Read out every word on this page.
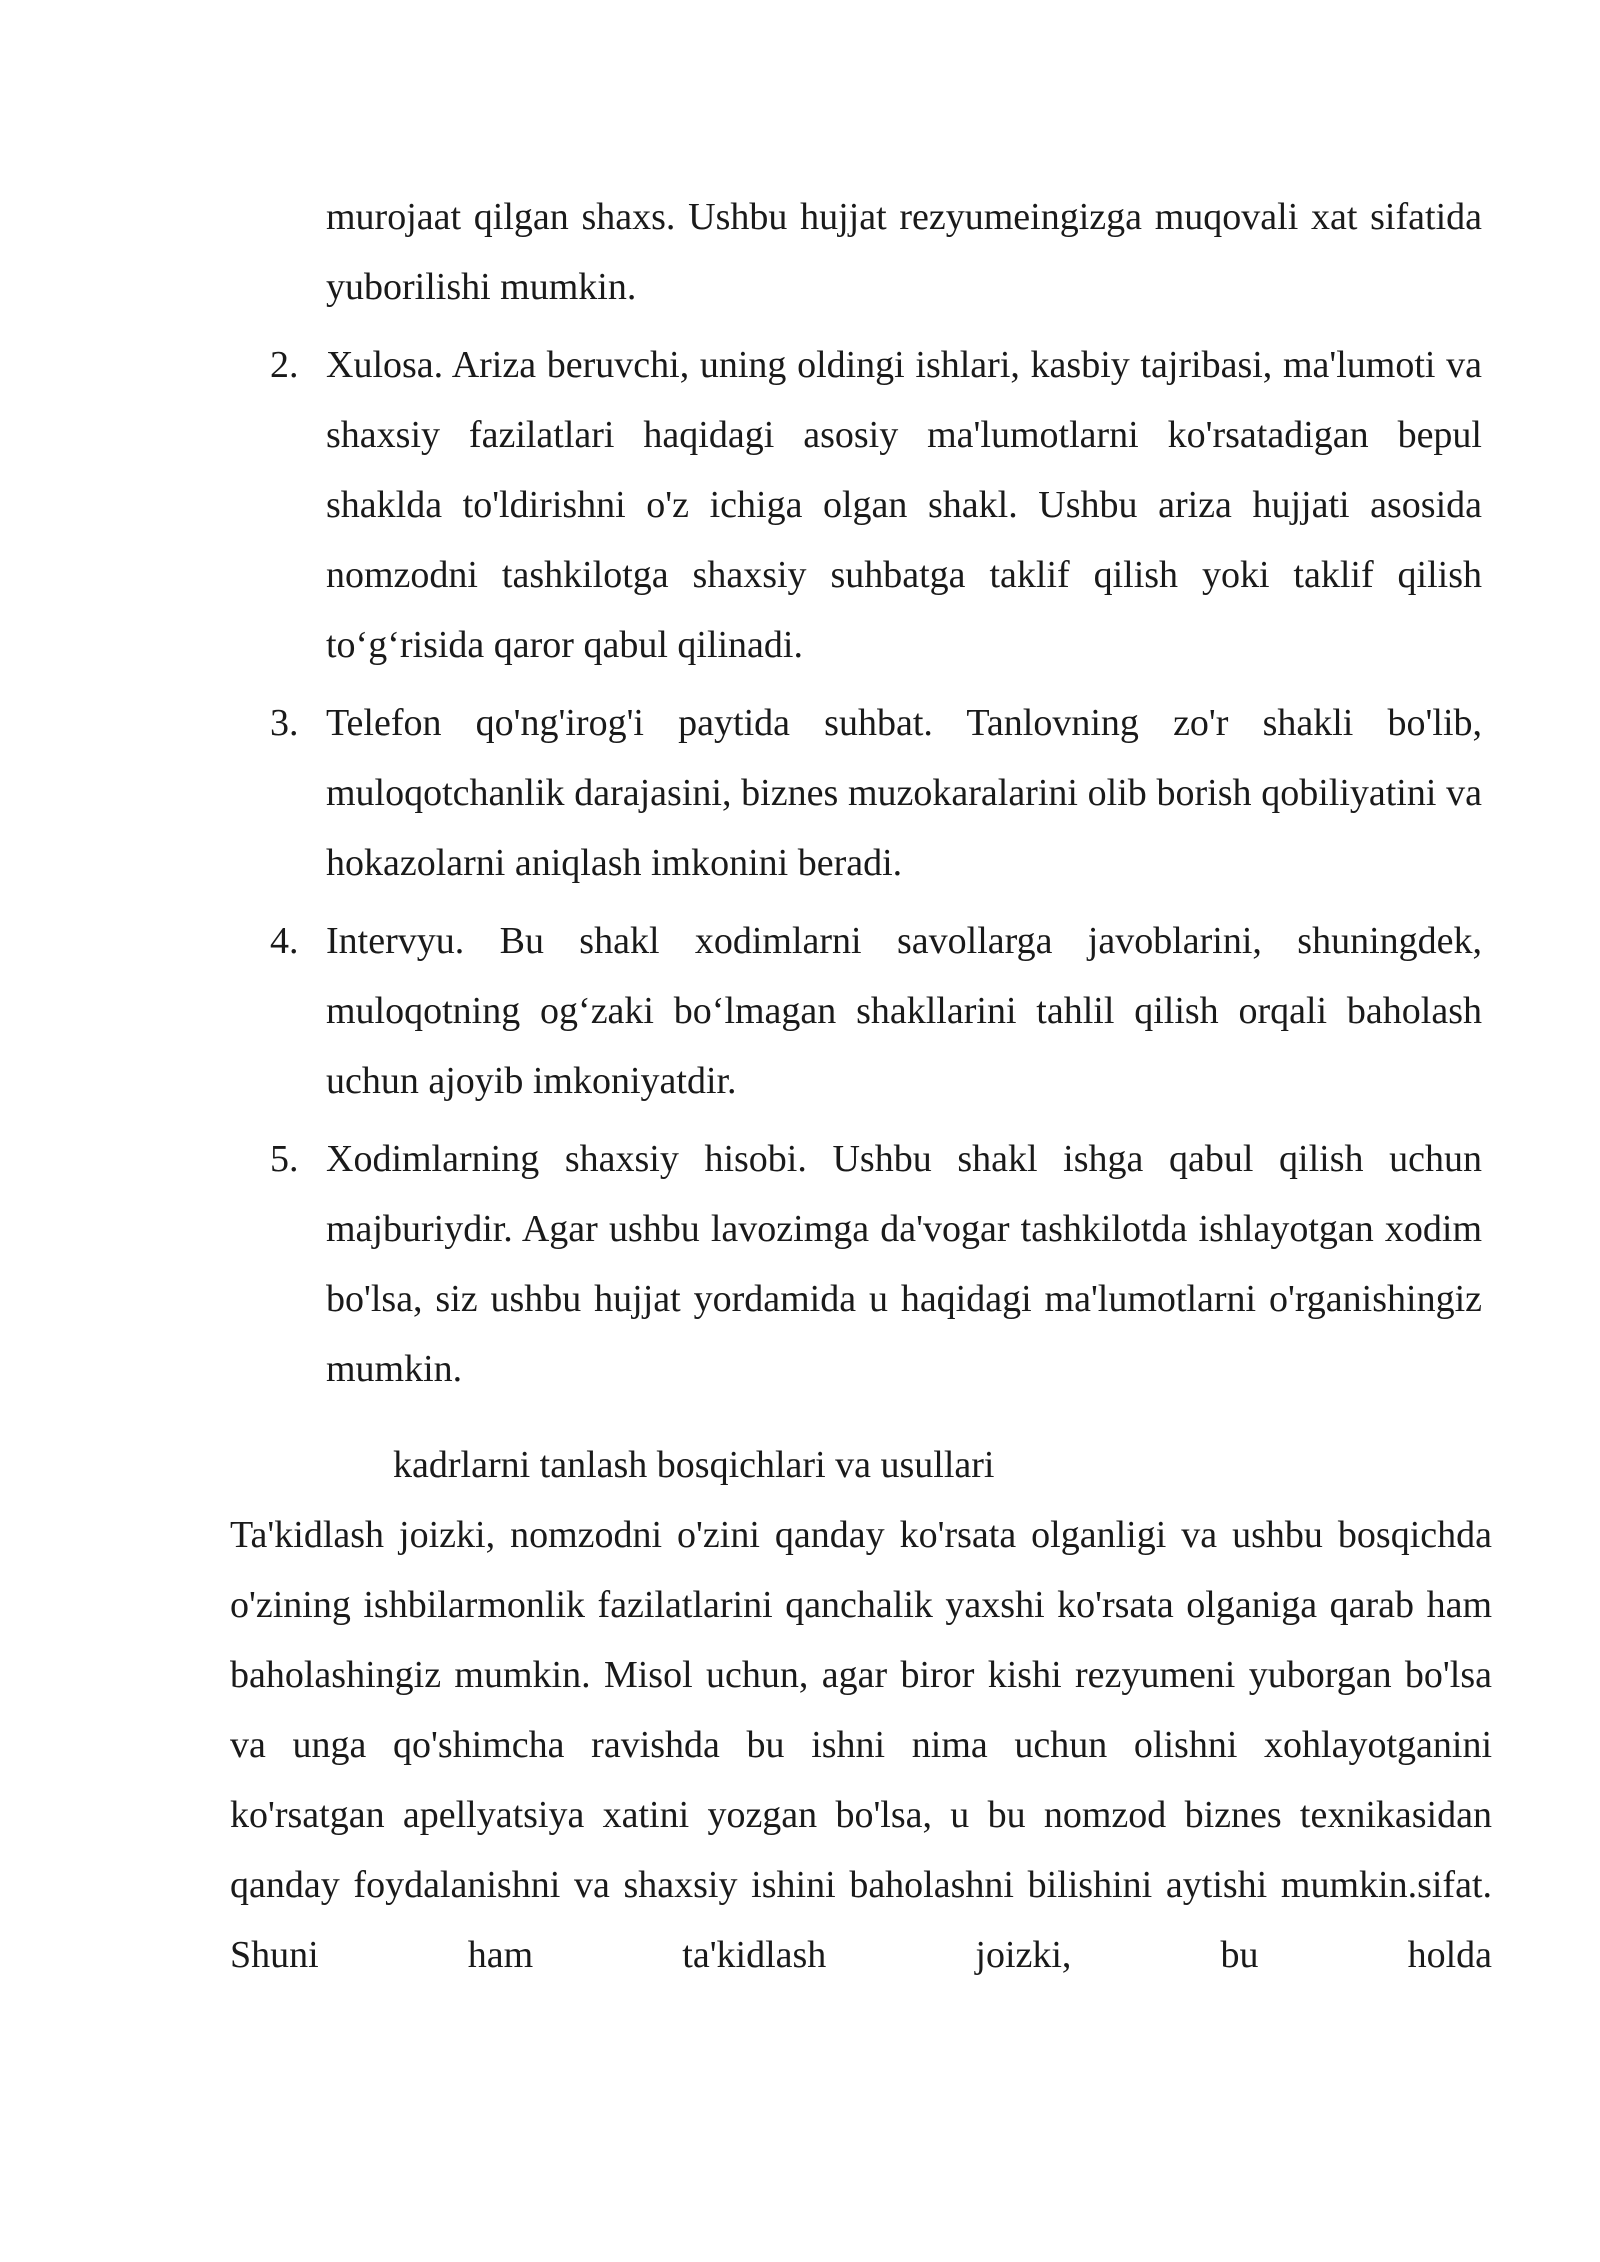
murojaat qilgan shaxs. Ushbu hujjat rezyumeingizga muqovali xat sifatida yuborilishi mumkin.
2. Xulosa. Ariza beruvchi, uning oldingi ishlari, kasbiy tajribasi, ma'lumoti va shaxsiy fazilatlari haqidagi asosiy ma'lumotlarni ko'rsatadigan bepul shaklda to'ldirishni o'z ichiga olgan shakl. Ushbu ariza hujjati asosida nomzodni tashkilotga shaxsiy suhbatga taklif qilish yoki taklif qilish to‘g‘risida qaror qabul qilinadi.
3. Telefon qo'ng'irog'i paytida suhbat. Tanlovning zo'r shakli bo'lib, muloqotchanlik darajasini, biznes muzokaralarini olib borish qobiliyatini va hokazolarni aniqlash imkonini beradi.
4. Intervyu. Bu shakl xodimlarni savollarga javoblarini, shuningdek, muloqotning og‘zaki bo‘lmagan shakllarini tahlil qilish orqali baholash uchun ajoyib imkoniyatdir.
5. Xodimlarning shaxsiy hisobi. Ushbu shakl ishga qabul qilish uchun majburiydir. Agar ushbu lavozimga da'vogar tashkilotda ishlayotgan xodim bo'lsa, siz ushbu hujjat yordamida u haqidagi ma'lumotlarni o'rganishingiz mumkin.
kadrlarni tanlash bosqichlari va usullari
Ta'kidlash joizki, nomzodni o'zini qanday ko'rsata olganligi va ushbu bosqichda o'zining ishbilarmonlik fazilatlarini qanchalik yaxshi ko'rsata olganiga qarab ham baholashingiz mumkin. Misol uchun, agar biror kishi rezyumeni yuborgan bo'lsa va unga qo'shimcha ravishda bu ishni nima uchun olishni xohlayotganini ko'rsatgan apellyatsiya xatini yozgan bo'lsa, u bu nomzod biznes texnikasidan qanday foydalanishni va shaxsiy ishini baholashni bilishini aytishi mumkin.sifat. Shuni ham ta'kidlash joizki, bu holda
